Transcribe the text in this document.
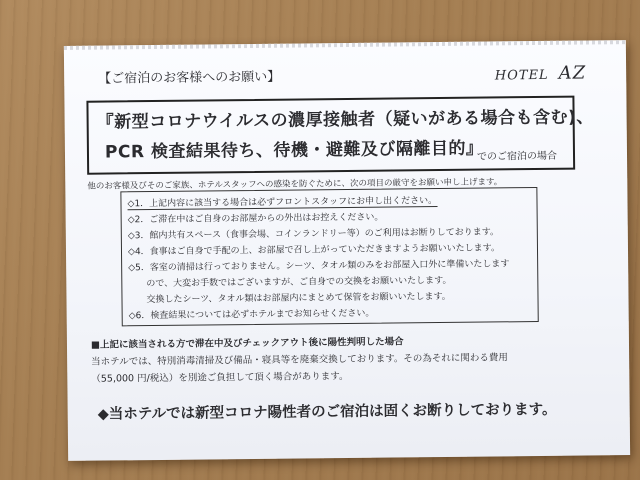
【ご宿泊のお客様へのお願い】	HOTEL AZ
『新型コロナウイルスの濃厚接触者（疑いがある場合も含む)、
PCR 検査結果待ち、待機・避難及び隔離目的』
でのご宿泊の場合
他のお客様及びそのご家族、ホテルスタッフへの感染を防ぐために、次の項目の厳守をお願い申し上げます。
◇1．上記内容に該当する場合は必ずフロントスタッフにお申し出ください。
◇2．ご滞在中はご自身のお部屋からの外出はお控えください。
◇3．館内共有スペース（食事会場、コインランドリー等）のご利用はお断りしております。
◇4．食事はご自身で手配の上、お部屋で召し上がっていただきますようお願いいたします。
◇5．客室の清掃は行っておりません。シーツ、タオル類のみをお部屋入口外に準備いたします
　　ので、大変お手数ではございますが、ご自身での交換をお願いいたします。
　　交換したシーツ、タオル類はお部屋内にまとめて保管をお願いいたします。
◇6．検査結果については必ずホテルまでお知らせください。
■上記に該当される方で滞在中及びチェックアウト後に陽性判明した場合
当ホテルでは、特別消毒清掃及び備品・寝具等を廃棄交換しております。その為それに関わる費用
（55,000 円/税込）を別途ご負担して頂く場合があります。
◆当ホテルでは新型コロナ陽性者のご宿泊は固くお断りしております。
